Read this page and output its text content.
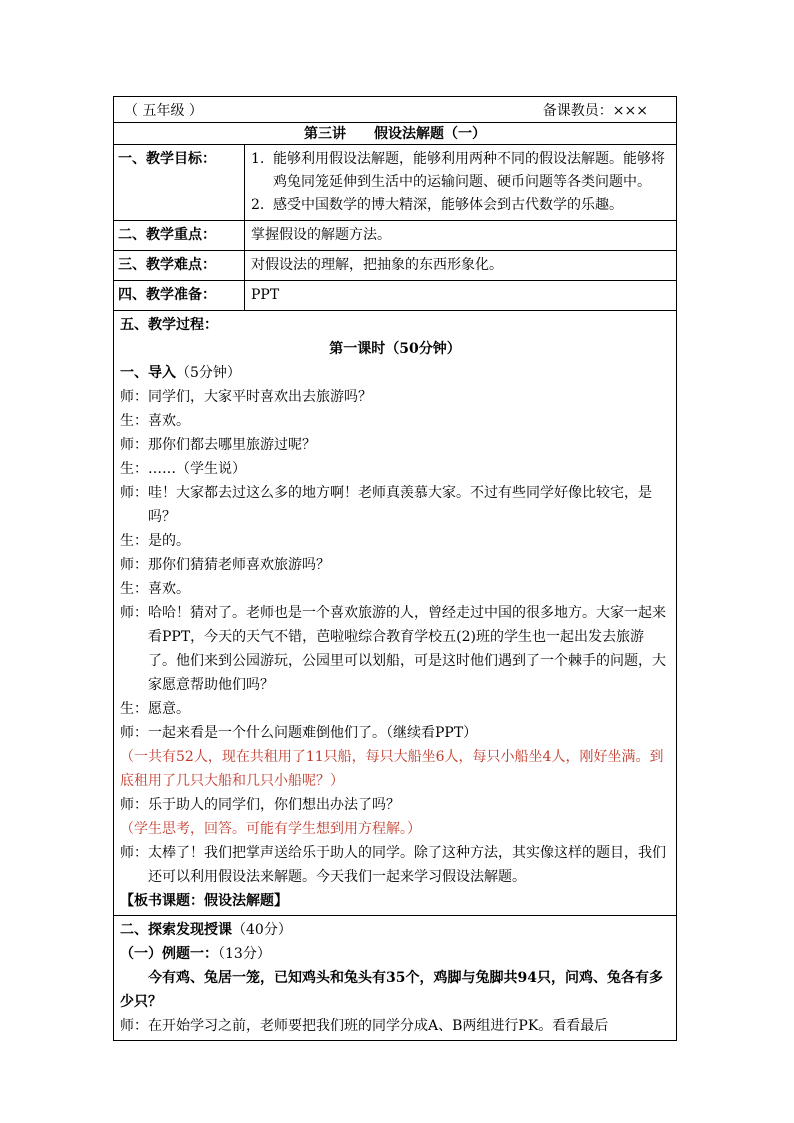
（ 五年级 ）	备课教员：×××
第三讲 假设法解题（一）
一、教学目标：	1. 能够利用假设法解题，能够利用两种不同的假设法解题。能够将鸡兔同笼延伸到生活中的运输问题、硬币问题等各类问题中。
2. 感受中国数学的博大精深，能够体会到古代数学的乐趣。
二、教学重点：	掌握假设的解题方法。
三、教学难点：	对假设法的理解，把抽象的东西形象化。
四、教学准备：	PPT

五、教学过程：

第一课时（50分钟）

一、导入（5分钟）

师：同学们，大家平时喜欢出去旅游吗？

生：喜欢。

师：那你们都去哪里旅游过呢？

生：……（学生说）

师：哇！大家都去过这么多的地方啊！老师真羡慕大家。不过有些同学好像比较宅，是吗？

生：是的。

师：那你们猜猜老师喜欢旅游吗？

生：喜欢。

师：哈哈！猜对了。老师也是一个喜欢旅游的人，曾经走过中国的很多地方。大家一起来看PPT，今天的天气不错，芭啦啦综合教育学校五(2)班的学生也一起出发去旅游了。他们来到公园游玩，公园里可以划船，可是这时他们遇到了一个棘手的问题，大家愿意帮助他们吗？

生：愿意。

师：一起来看是一个什么问题难倒他们了。（继续看PPT）

（一共有52人，现在共租用了11只船，每只大船坐6人，每只小船坐4人，刚好坐满。到底租用了几只大船和几只小船呢？）

师：乐于助人的同学们，你们想出办法了吗？

（学生思考，回答。可能有学生想到用方程解。）

师：太棒了！我们把掌声送给乐于助人的同学。除了这种方法，其实像这样的题目，我们还可以利用假设法来解题。今天我们一起来学习假设法解题。

【板书课题：假设法解题】

二、探索发现授课（40分）

（一）例题一：（13分）

今有鸡、兔居一笼，已知鸡头和兔头有35个，鸡脚与兔脚共94只，问鸡、兔各有多少只？

师：在开始学习之前，老师要把我们班的同学分成A、B两组进行PK。看看最后
